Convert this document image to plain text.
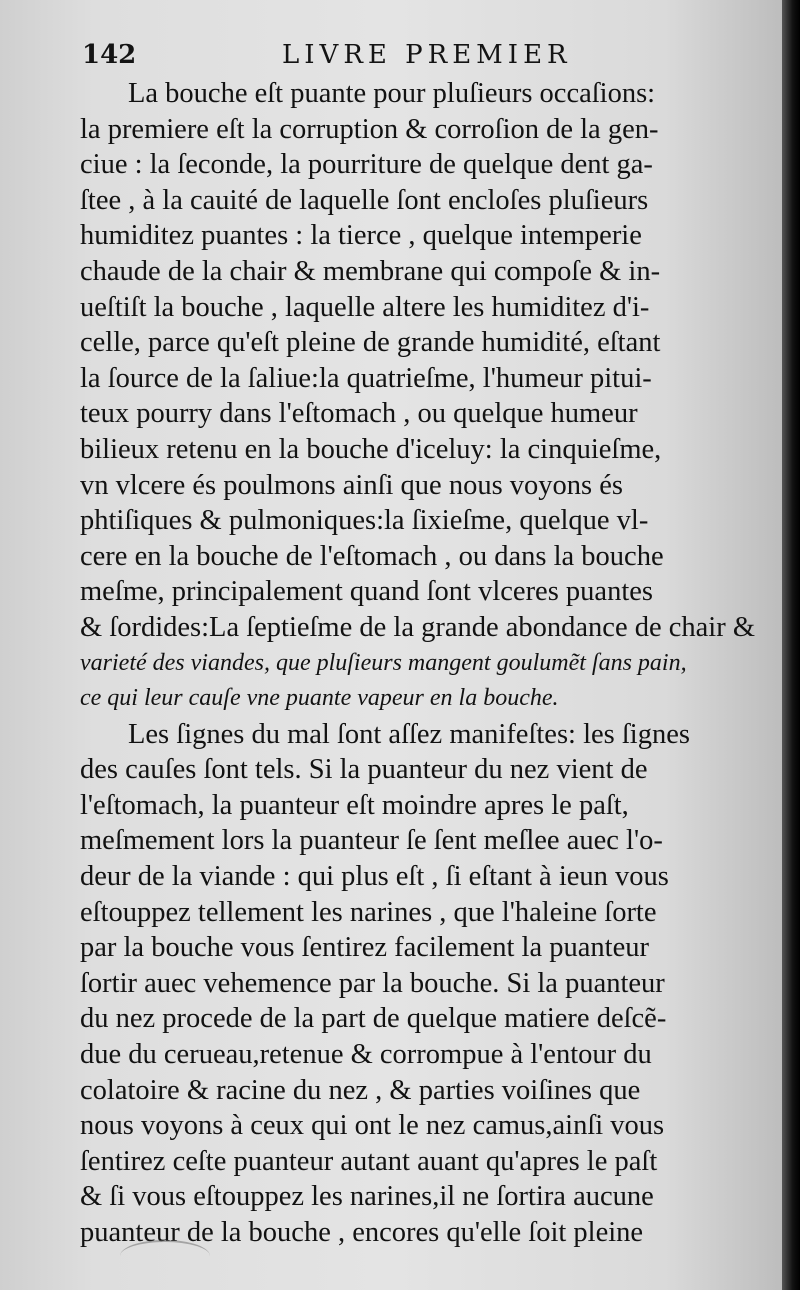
142	LIVRE PREMIER
La bouche eſt puante pour pluſieurs occaſions:
la premiere eſt la corruption & corroſion de la gen-
ciue : la ſeconde, la pourriture de quelque dent ga-
ſtee , à la cauité de laquelle ſont encloſes pluſieurs
humiditez puantes : la tierce , quelque intemperie
chaude de la chair & membrane qui compoſe & in-
ueſtiſt la bouche , laquelle altere les humiditez d'i-
celle, parce qu'eſt pleine de grande humidité, eſtant
la ſource de la ſaliue:la quatrieſme, l'humeur pitui-
teux pourry dans l'eſtomach , ou quelque humeur
bilieux retenu en la bouche d'iceluy: la cinquieſme,
vn vlcere és poulmons ainſi que nous voyons és
phtiſiques & pulmoniques:la ſixieſme, quelque vl-
cere en la bouche de l'eſtomach , ou dans la bouche
meſme, principalement quand ſont vlceres puantes
& ſordides:La ſeptieſme de la grande abondance de chair &
varieté des viandes, que pluſieurs mangent goulumẽt ſans pain,
ce qui leur cauſe vne puante vapeur en la bouche.
Les ſignes du mal ſont aſſez manifeſtes: les ſignes
des cauſes ſont tels. Si la puanteur du nez vient de
l'eſtomach, la puanteur eſt moindre apres le paſt,
meſmement lors la puanteur ſe ſent meſlee auec l'o-
deur de la viande : qui plus eſt , ſi eſtant à ieun vous
eſtouppez tellement les narines , que l'haleine ſorte
par la bouche vous ſentirez facilement la puanteur
ſortir auec vehemence par la bouche. Si la puanteur
du nez procede de la part de quelque matiere deſcẽ-
due du cerueau,retenue & corrompue à l'entour du
colatoire & racine du nez , & parties voiſines que
nous voyons à ceux qui ont le nez camus,ainſi vous
ſentirez ceſte puanteur autant auant qu'apres le paſt
& ſi vous eſtouppez les narines,il ne ſortira aucune
puanteur de la bouche , encores qu'elle ſoit pleine
